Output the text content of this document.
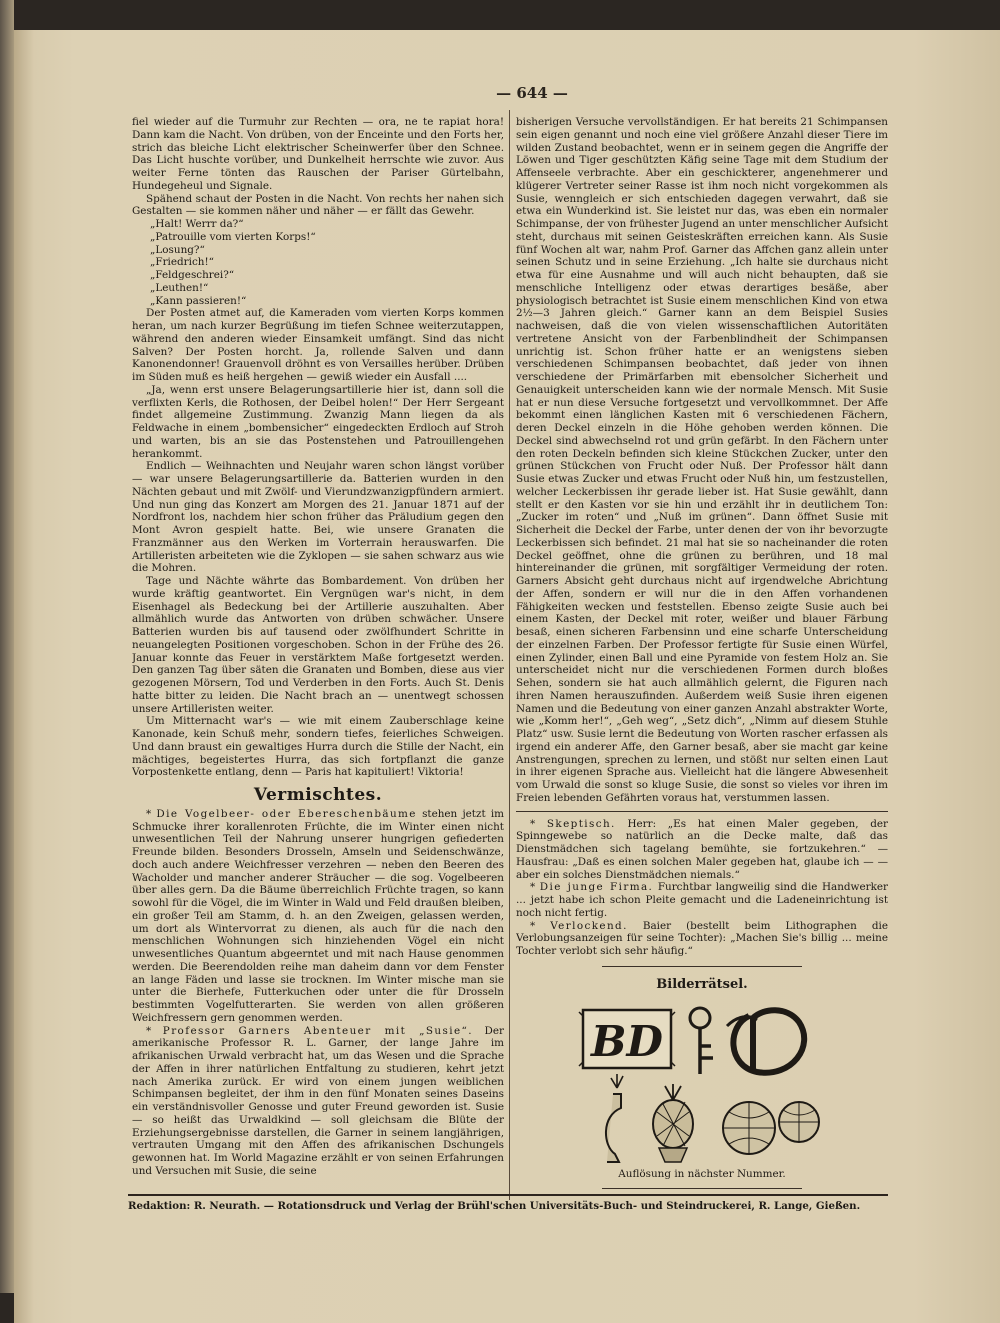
— 644 —

fiel wieder auf die Turmuhr zur Rechten — ora, ne te rapiat hora! Dann kam die Nacht. Von drüben, von der Enceinte und den Forts her, strich das bleiche Licht elektrischer Scheinwerfer über den Schnee. Das Licht huschte vorüber, und Dunkelheit herrschte wie zuvor. Aus weiter Ferne tönten das Rauschen der Pariser Gürtelbahn, Hundegeheul und Signale.

Spähend schaut der Posten in die Nacht. Von rechts her nahen sich Gestalten — sie kommen näher und näher — er fällt das Gewehr.

„Halt! Werrr da?“

„Patrouille vom vierten Korps!“

„Losung?“

„Friedrich!“

„Feldgeschrei?“

„Leuthen!“

„Kann passieren!“

Der Posten atmet auf, die Kameraden vom vierten Korps kommen heran, um nach kurzer Begrüßung im tiefen Schnee weiterzutappen, während den anderen wieder Einsamkeit umfängt. Sind das nicht Salven? Der Posten horcht. Ja, rollende Salven und dann Kanonendonner! Grauenvoll dröhnt es von Versailles herüber. Drüben im Süden muß es heiß hergehen — gewiß wieder ein Ausfall ....

„Ja, wenn erst unsere Belagerungsartillerie hier ist, dann soll die verflixten Kerls, die Rothosen, der Deibel holen!“ Der Herr Sergeant findet allgemeine Zustimmung. Zwanzig Mann liegen da als Feldwache in einem „bombensicher“ eingedeckten Erdloch auf Stroh und warten, bis an sie das Postenstehen und Patrouillengehen herankommt.

Endlich — Weihnachten und Neujahr waren schon längst vorüber — war unsere Belagerungsartillerie da. Batterien wurden in den Nächten gebaut und mit Zwölf- und Vierundzwanzigpfündern armiert. Und nun ging das Konzert am Morgen des 21. Januar 1871 auf der Nordfront los, nachdem hier schon früher das Präludium gegen den Mont Avron gespielt hatte. Bei, wie unsere Granaten die Franzmänner aus den Werken im Vorterrain herauswarfen. Die Artilleristen arbeiteten wie die Zyklopen — sie sahen schwarz aus wie die Mohren.

Tage und Nächte währte das Bombardement. Von drüben her wurde kräftig geantwortet. Ein Vergnügen war's nicht, in dem Eisenhagel als Bedeckung bei der Artillerie auszuhalten. Aber allmählich wurde das Antworten von drüben schwächer. Unsere Batterien wurden bis auf tausend oder zwölfhundert Schritte in neuangelegten Positionen vorgeschoben. Schon in der Frühe des 26. Januar konnte das Feuer in verstärktem Maße fortgesetzt werden. Den ganzen Tag über säten die Granaten und Bomben, diese aus vier gezogenen Mörsern, Tod und Verderben in den Forts. Auch St. Denis hatte bitter zu leiden. Die Nacht brach an — unentwegt schossen unsere Artilleristen weiter.

Um Mitternacht war's — wie mit einem Zauberschlage keine Kanonade, kein Schuß mehr, sondern tiefes, feierliches Schweigen. Und dann braust ein gewaltiges Hurra durch die Stille der Nacht, ein mächtiges, begeistertes Hurra, das sich fortpflanzt die ganze Vorpostenkette entlang, denn — Paris hat kapituliert! Viktoria!

Vermischtes.

* Die Vogelbeer- oder Ebereschenbäume stehen jetzt im Schmucke ihrer korallenroten Früchte, die im Winter einen nicht unwesentlichen Teil der Nahrung unserer hungrigen gefiederten Freunde bilden. Besonders Drosseln, Amseln und Seidenschwänze, doch auch andere Weichfresser verzehren — neben den Beeren des Wacholder und mancher anderer Sträucher — die sog. Vogelbeeren über alles gern. Da die Bäume überreichlich Früchte tragen, so kann sowohl für die Vögel, die im Winter in Wald und Feld draußen bleiben, ein großer Teil am Stamm, d. h. an den Zweigen, gelassen werden, um dort als Wintervorrat zu dienen, als auch für die nach den menschlichen Wohnungen sich hinziehenden Vögel ein nicht unwesentliches Quantum abgeerntet und mit nach Hause genommen werden. Die Beerendolden reihe man daheim dann vor dem Fenster an lange Fäden und lasse sie trocknen. Im Winter mische man sie unter die Bierhefe, Futterkuchen oder unter die für Drosseln bestimmten Vogelfutterarten. Sie werden von allen größeren Weichfressern gern genommen werden.

* Professor Garners Abenteuer mit „Susie“. Der amerikanische Professor R. L. Garner, der lange Jahre im afrikanischen Urwald verbracht hat, um das Wesen und die Sprache der Affen in ihrer natürlichen Entfaltung zu studieren, kehrt jetzt nach Amerika zurück. Er wird von einem jungen weiblichen Schimpansen begleitet, der ihm in den fünf Monaten seines Daseins ein verständnisvoller Genosse und guter Freund geworden ist. Susie — so heißt das Urwaldkind — soll gleichsam die Blüte der Erziehungsergebnisse darstellen, die Garner in seinem langjährigen, vertrauten Umgang mit den Affen des afrikanischen Dschungels gewonnen hat. Im World Magazine erzählt er von seinen Erfahrungen und Versuchen mit Susie, die seine

bisherigen Versuche vervollständigen. Er hat bereits 21 Schimpansen sein eigen genannt und noch eine viel größere Anzahl dieser Tiere im wilden Zustand beobachtet, wenn er in seinem gegen die Angriffe der Löwen und Tiger geschützten Käfig seine Tage mit dem Studium der Affenseele verbrachte. Aber ein geschickterer, angenehmerer und klügerer Vertreter seiner Rasse ist ihm noch nicht vorgekommen als Susie, wenngleich er sich entschieden dagegen verwahrt, daß sie etwa ein Wunderkind ist. Sie leistet nur das, was eben ein normaler Schimpanse, der von frühester Jugend an unter menschlicher Aufsicht steht, durchaus mit seinen Geisteskräften erreichen kann. Als Susie fünf Wochen alt war, nahm Prof. Garner das Affchen ganz allein unter seinen Schutz und in seine Erziehung. „Ich halte sie durchaus nicht etwa für eine Ausnahme und will auch nicht behaupten, daß sie menschliche Intelligenz oder etwas derartiges besäße, aber physiologisch betrachtet ist Susie einem menschlichen Kind von etwa 2½—3 Jahren gleich.“ Garner kann an dem Beispiel Susies nachweisen, daß die von vielen wissenschaftlichen Autoritäten vertretene Ansicht von der Farbenblindheit der Schimpansen unrichtig ist. Schon früher hatte er an wenigstens sieben verschiedenen Schimpansen beobachtet, daß jeder von ihnen verschiedene der Primärfarben mit ebensolcher Sicherheit und Genauigkeit unterscheiden kann wie der normale Mensch. Mit Susie hat er nun diese Versuche fortgesetzt und vervollkommnet. Der Affe bekommt einen länglichen Kasten mit 6 verschiedenen Fächern, deren Deckel einzeln in die Höhe gehoben werden können. Die Deckel sind abwechselnd rot und grün gefärbt. In den Fächern unter den roten Deckeln befinden sich kleine Stückchen Zucker, unter den grünen Stückchen von Frucht oder Nuß. Der Professor hält dann Susie etwas Zucker und etwas Frucht oder Nuß hin, um festzustellen, welcher Leckerbissen ihr gerade lieber ist. Hat Susie gewählt, dann stellt er den Kasten vor sie hin und erzählt ihr in deutlichem Ton: „Zucker im roten“ und „Nuß im grünen“. Dann öffnet Susie mit Sicherheit die Deckel der Farbe, unter denen der von ihr bevorzugte Leckerbissen sich befindet. 21 mal hat sie so nacheinander die roten Deckel geöffnet, ohne die grünen zu berühren, und 18 mal hintereinander die grünen, mit sorgfältiger Vermeidung der roten. Garners Absicht geht durchaus nicht auf irgendwelche Abrichtung der Affen, sondern er will nur die in den Affen vorhandenen Fähigkeiten wecken und feststellen. Ebenso zeigte Susie auch bei einem Kasten, der Deckel mit roter, weißer und blauer Färbung besaß, einen sicheren Farbensinn und eine scharfe Unterscheidung der einzelnen Farben. Der Professor fertigte für Susie einen Würfel, einen Zylinder, einen Ball und eine Pyramide von festem Holz an. Sie unterscheidet nicht nur die verschiedenen Formen durch bloßes Sehen, sondern sie hat auch allmählich gelernt, die Figuren nach ihren Namen herauszufinden. Außerdem weiß Susie ihren eigenen Namen und die Bedeutung von einer ganzen Anzahl abstrakter Worte, wie „Komm her!“, „Geh weg“, „Setz dich“, „Nimm auf diesem Stuhle Platz“ usw. Susie lernt die Bedeutung von Worten rascher erfassen als irgend ein anderer Affe, den Garner besaß, aber sie macht gar keine Anstrengungen, sprechen zu lernen, und stößt nur selten einen Laut in ihrer eigenen Sprache aus. Vielleicht hat die längere Abwesenheit vom Urwald die sonst so kluge Susie, die sonst so vieles vor ihren im Freien lebenden Gefährten voraus hat, verstummen lassen.

* Skeptisch. Herr: „Es hat einen Maler gegeben, der Spinngewebe so natürlich an die Decke malte, daß das Dienstmädchen sich tagelang bemühte, sie fortzukehren.“ — Hausfrau: „Daß es einen solchen Maler gegeben hat, glaube ich — — aber ein solches Dienstmädchen niemals.“

* Die junge Firma. Furchtbar langweilig sind die Handwerker ... jetzt habe ich schon Pleite gemacht und die Ladeneinrichtung ist noch nicht fertig.

* Verlockend. Baier (bestellt beim Lithographen die Verlobungsanzeigen für seine Tochter): „Machen Sie's billig ... meine Tochter verlobt sich sehr häufig.“

Bilderrätsel.
BD
Auflösung in nächster Nummer.
Redaktion: R. Neurath. — Rotationsdruck und Verlag der Brühl'schen Universitäts-Buch- und Steindruckerei, R. Lange, Gießen.
